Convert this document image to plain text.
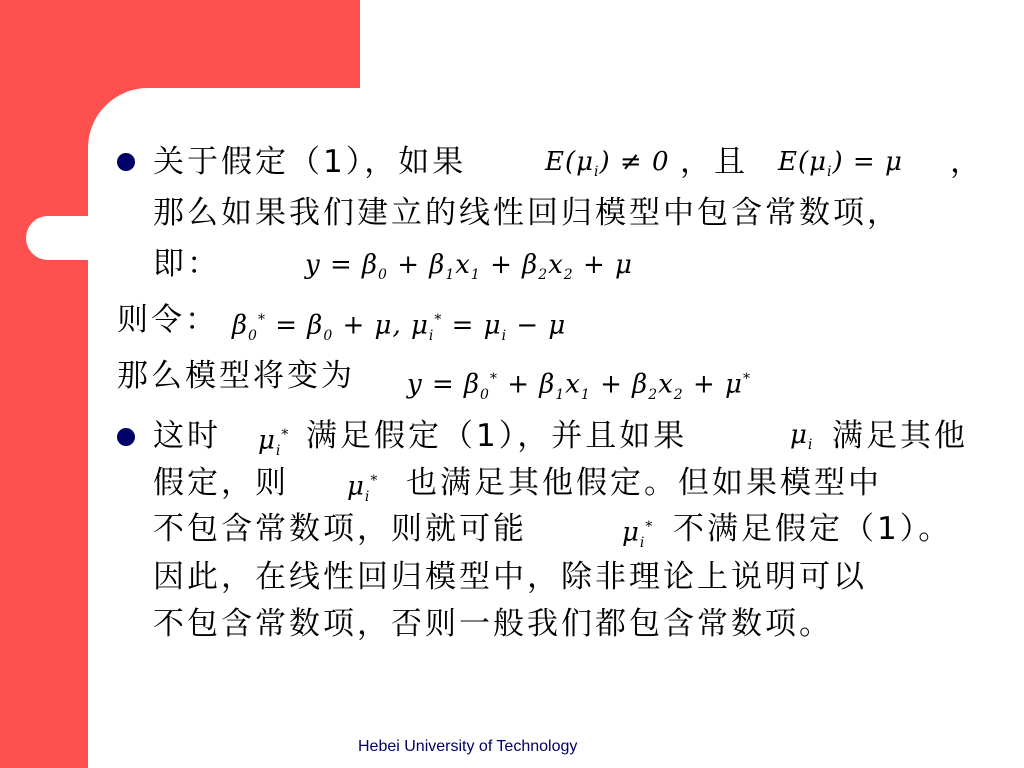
关于假定（1），如果	$E(\mu_i) \ne 0$ ，且 $E(\mu_i) = \mu$ ，
那么如果我们建立的线性回归模型中包含常数项，
即：	$y = \beta_0 + \beta_1x_1 + \beta_2x_2 + \mu$
则令： $\beta_0^* = \beta_0 + \mu$, $\mu_i^* = \mu_i - \mu$
那么模型将变为 $y = \beta_0^* + \beta_1x_1 + \beta_2x_2 + \mu^*$
这时 $\mu_i^*$ 满足假定（1），并且如果	$\mu_i$ 满足其他
假定，则 $\mu_i^*$ 也满足其他假定。但如果模型中
不包含常数项，则就可能	$\mu_i^*$ 不满足假定（1）。
因此，在线性回归模型中，除非理论上说明可以
不包含常数项，否则一般我们都包含常数项。
Hebei University of Technology
